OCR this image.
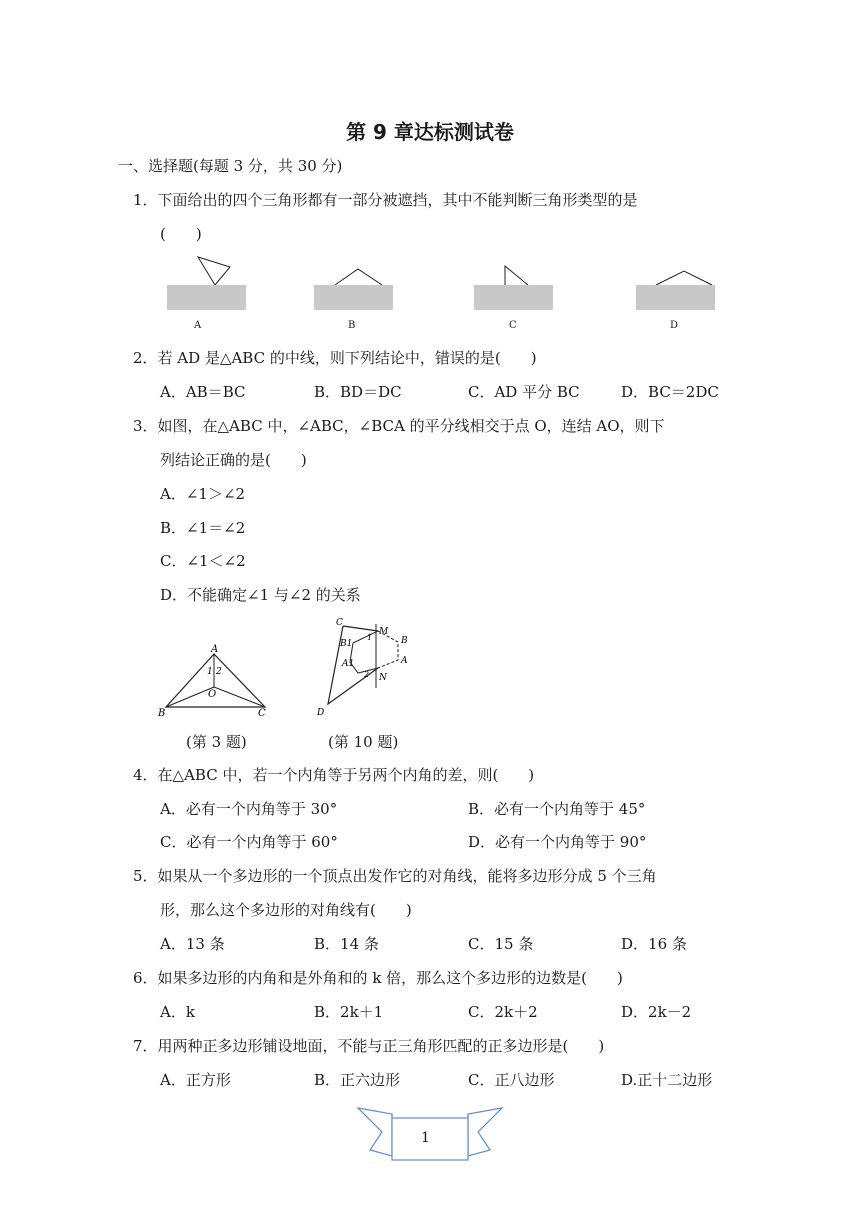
第 9 章达标测试卷
一、选择题(每题 3 分，共 30 分)
1．下面给出的四个三角形都有一部分被遮挡，其中不能判断三角形类型的是
(　　)
A	B	C	D
2．若 AD 是△ABC 的中线，则下列结论中，错误的是(　　)
A．AB＝BC	B．BD＝DC	C．AD 平分 BC	D．BC＝2DC
3．如图，在△ABC 中，∠ABC，∠BCA 的平分线相交于点 O，连结 AO，则下
列结论正确的是(　　)
A．∠1＞∠2
B．∠1＝∠2
C．∠1＜∠2
D．不能确定∠1 与∠2 的关系
A
B	C
O
1 2
C
D
B1
A1
M
N
B
A
1
2
(第 3 题)	(第 10 题)
4．在△ABC 中，若一个内角等于另两个内角的差，则(　　)
A．必有一个内角等于 30°	B．必有一个内角等于 45°
C．必有一个内角等于 60°	D．必有一个内角等于 90°
5．如果从一个多边形的一个顶点出发作它的对角线，能将多边形分成 5 个三角
形，那么这个多边形的对角线有(　　)
A．13 条	B．14 条	C．15 条	D．16 条
6．如果多边形的内角和是外角和的 k 倍，那么这个多边形的边数是(　　)
A．k	B．2k＋1	C．2k＋2	D．2k－2
7．用两种正多边形铺设地面，不能与正三角形匹配的正多边形是(　　)
A．正方形	B．正六边形	C．正八边形	D.正十二边形
1
